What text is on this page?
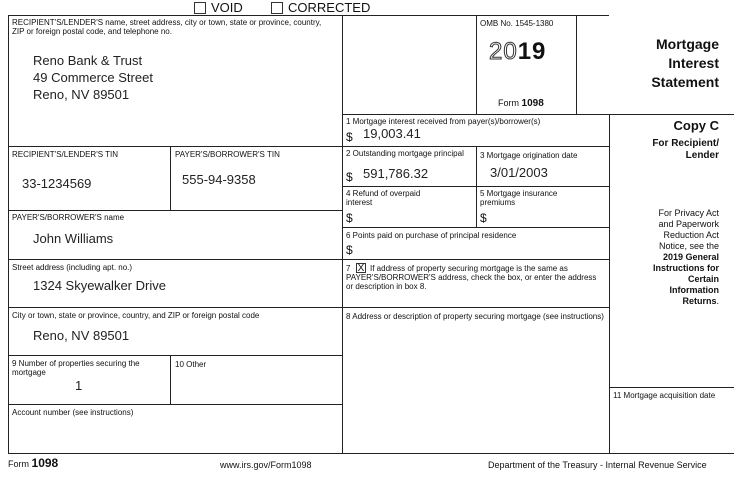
VOID	CORRECTED
RECIPIENT'S/LENDER'S name, street address, city or town, state or province, country, ZIP or foreign postal code, and telephone no.
Reno Bank & Trust
49 Commerce Street
Reno, NV 89501
OMB No. 1545-1380
2019
Form 1098
Mortgage
Interest
Statement
Copy C
For Recipient/
Lender
For Privacy Act
and Paperwork
Reduction Act
Notice, see the
2019 General
Instructions for
Certain
Information
Returns.
RECIPIENT'S/LENDER'S TIN
33-1234569
PAYER'S/BORROWER'S TIN
555-94-9358
PAYER'S/BORROWER'S name
John Williams
Street address (including apt. no.)
1324 Skyewalker Drive
City or town, state or province, country, and ZIP or foreign postal code
Reno, NV 89501
9 Number of properties securing the mortgage
1
10 Other
Account number (see instructions)
1 Mortgage interest received from payer(s)/borrower(s)
$ 19,003.41
2 Outstanding mortgage principal
$ 591,786.32
3 Mortgage origination date
3/01/2003
4 Refund of overpaid interest
$
5 Mortgage insurance premiums
$
6 Points paid on purchase of principal residence
$
If address of property securing mortgage is the same as PAYER'S/BORROWER'S address, check the box, or enter the address or description in box 8.
7 X
8 Address or description of property securing mortgage (see instructions)
11 Mortgage acquisition date
Form 1098	www.irs.gov/Form1098	Department of the Treasury - Internal Revenue Service
